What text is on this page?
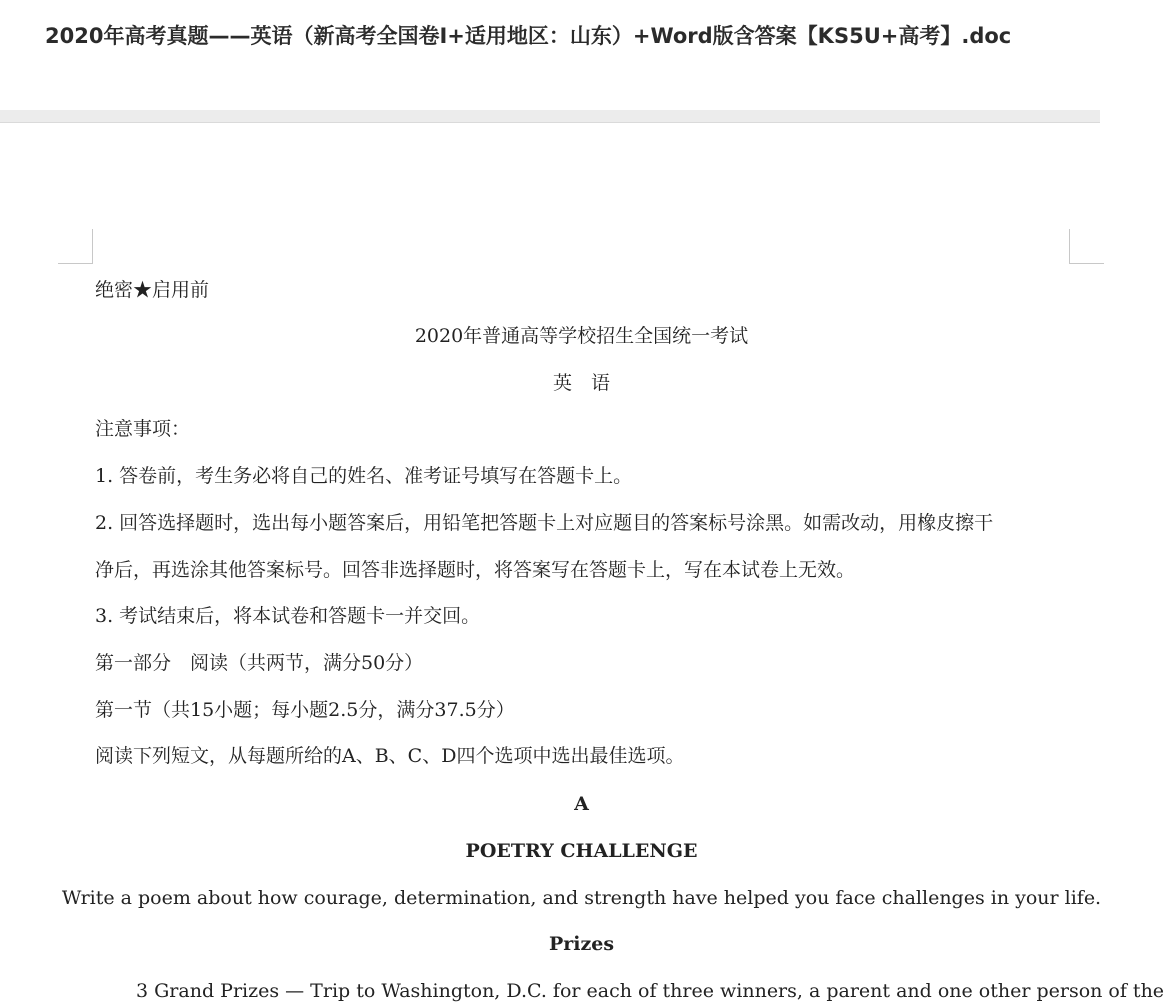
2020年高考真题——英语（新高考全国卷Ⅰ+适用地区：山东）+Word版含答案【KS5U+高考】.doc
绝密★启用前
2020年普通高等学校招生全国统一考试
英　语
注意事项：
1. 答卷前，考生务必将自己的姓名、准考证号填写在答题卡上。
2. 回答选择题时，选出每小题答案后，用铅笔把答题卡上对应题目的答案标号涂黑。如需改动，用橡皮擦干
净后，再选涂其他答案标号。回答非选择题时，将答案写在答题卡上，写在本试卷上无效。
3. 考试结束后，将本试卷和答题卡一并交回。
第一部分　阅读（共两节，满分50分）
第一节（共15小题；每小题2.5分，满分37.5分）
阅读下列短文，从每题所给的A、B、C、D四个选项中选出最佳选项。
A
POETRY CHALLENGE
Write a poem about how courage, determination, and strength have helped you face challenges in your life.
Prizes
3 Grand Prizes — Trip to Washington, D.C. for each of three winners, a parent and one other person of the
